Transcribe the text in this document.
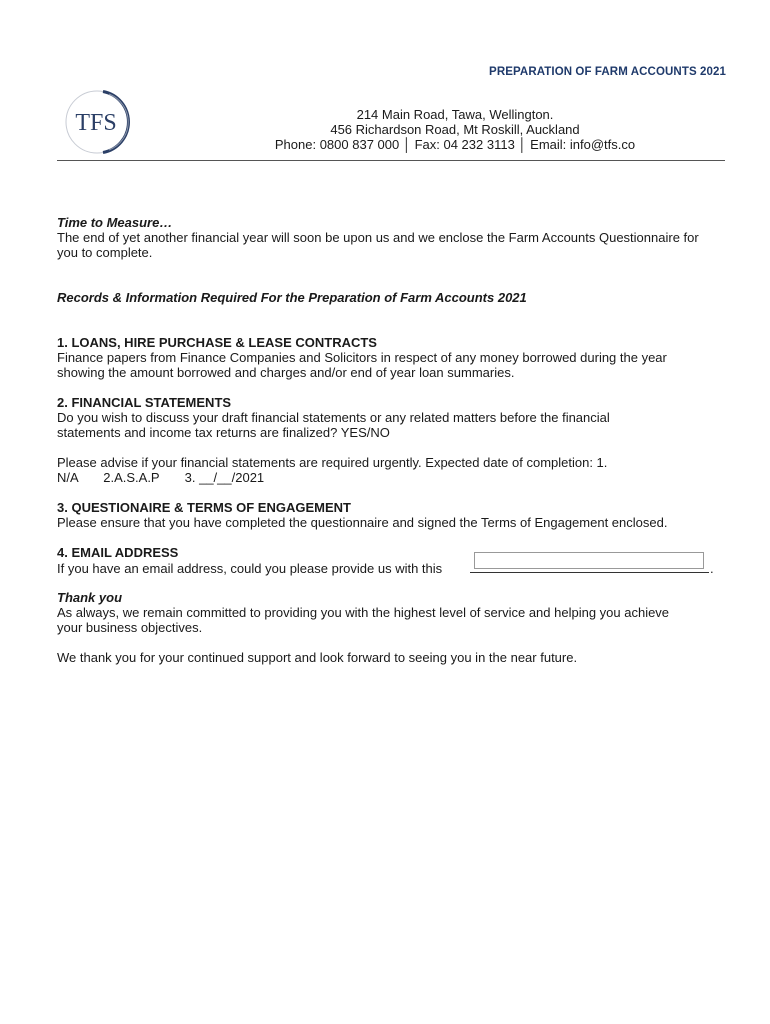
PREPARATION OF FARM ACCOUNTS 2021
TFS	214 Main Road, Tawa, Wellington.
456 Richardson Road, Mt Roskill, Auckland
Phone: 0800 837 000 │ Fax: 04 232 3113 │ Email: info@tfs.co
Time to Measure…
The end of yet another financial year will soon be upon us and we enclose the Farm Accounts Questionnaire for
you to complete.
Records & Information Required For the Preparation of Farm Accounts 2021
1. LOANS, HIRE PURCHASE & LEASE CONTRACTS
Finance papers from Finance Companies and Solicitors in respect of any money borrowed during the year
showing the amount borrowed and charges and/or end of year loan summaries.
2. FINANCIAL STATEMENTS
Do you wish to discuss your draft financial statements or any related matters before the financial
statements and income tax returns are finalized? YES/NO
Please advise if your financial statements are required urgently. Expected date of completion: 1.
N/A       2.A.S.A.P       3. __/__/2021
3. QUESTIONAIRE & TERMS OF ENGAGEMENT
Please ensure that you have completed the questionnaire and signed the Terms of Engagement enclosed.
4. EMAIL ADDRESS
If you have an email address, could you please provide us with this	.
Thank you
As always, we remain committed to providing you with the highest level of service and helping you achieve
your business objectives.
We thank you for your continued support and look forward to seeing you in the near future.
